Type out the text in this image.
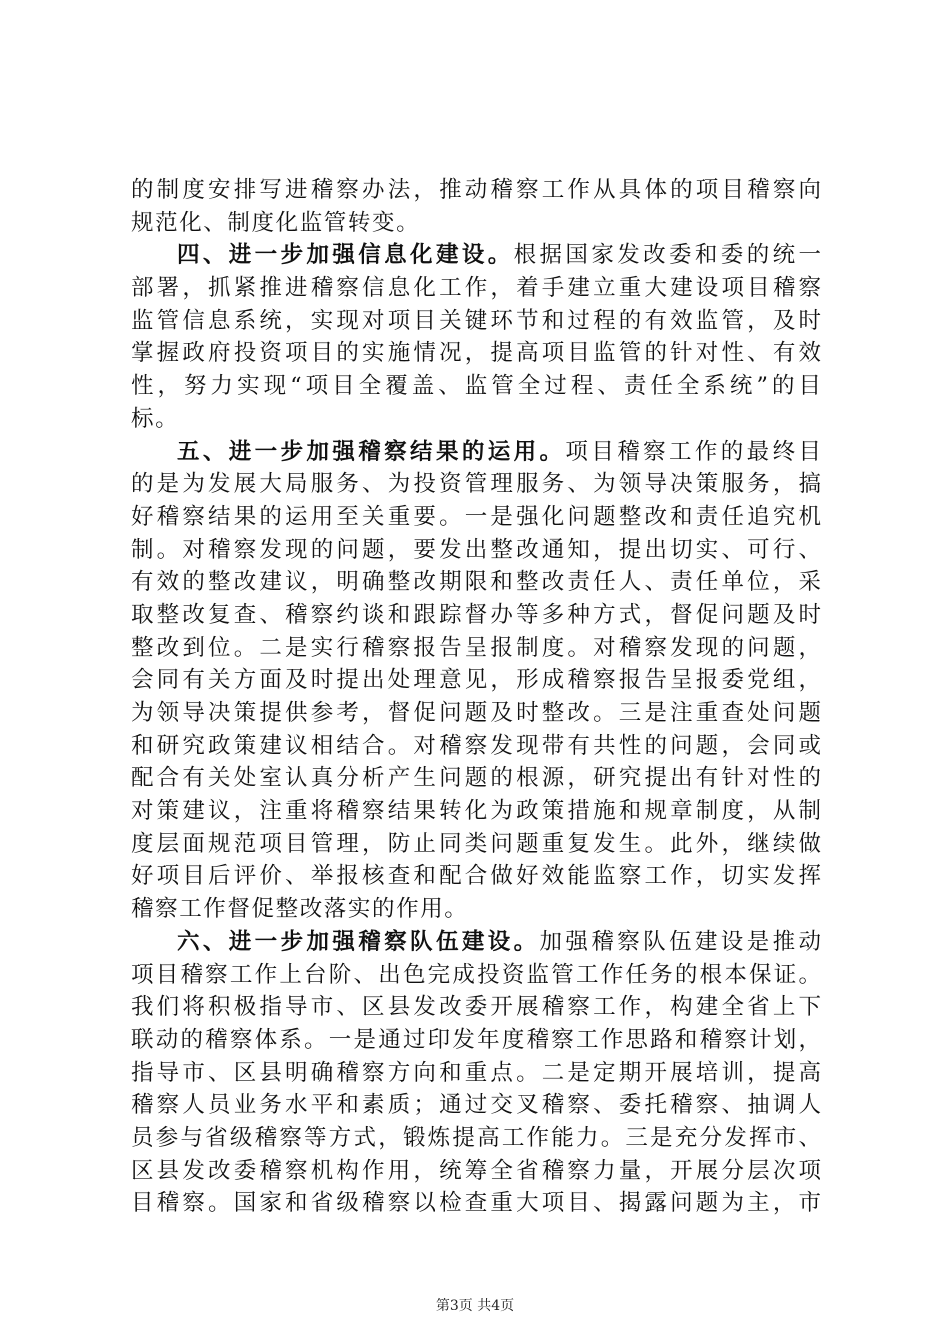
的制度安排写进稽察办法，推动稽察工作从具体的项目稽察向
规范化、制度化监管转变。
四、进一步加强信息化建设。根据国家发改委和委的统一
部署，抓紧推进稽察信息化工作，着手建立重大建设项目稽察
监管信息系统，实现对项目关键环节和过程的有效监管，及时
掌握政府投资项目的实施情况，提高项目监管的针对性、有效
性，努力实现“项目全覆盖、监管全过程、责任全系统”的目
标。
五、进一步加强稽察结果的运用。项目稽察工作的最终目
的是为发展大局服务、为投资管理服务、为领导决策服务，搞
好稽察结果的运用至关重要。一是强化问题整改和责任追究机
制。对稽察发现的问题，要发出整改通知，提出切实、可行、
有效的整改建议，明确整改期限和整改责任人、责任单位，采
取整改复查、稽察约谈和跟踪督办等多种方式，督促问题及时
整改到位。二是实行稽察报告呈报制度。对稽察发现的问题，
会同有关方面及时提出处理意见，形成稽察报告呈报委党组，
为领导决策提供参考，督促问题及时整改。三是注重查处问题
和研究政策建议相结合。对稽察发现带有共性的问题，会同或
配合有关处室认真分析产生问题的根源，研究提出有针对性的
对策建议，注重将稽察结果转化为政策措施和规章制度，从制
度层面规范项目管理，防止同类问题重复发生。此外，继续做
好项目后评价、举报核查和配合做好效能监察工作，切实发挥
稽察工作督促整改落实的作用。
六、进一步加强稽察队伍建设。加强稽察队伍建设是推动
项目稽察工作上台阶、出色完成投资监管工作任务的根本保证。
我们将积极指导市、区县发改委开展稽察工作，构建全省上下
联动的稽察体系。一是通过印发年度稽察工作思路和稽察计划，
指导市、区县明确稽察方向和重点。二是定期开展培训，提高
稽察人员业务水平和素质；通过交叉稽察、委托稽察、抽调人
员参与省级稽察等方式，锻炼提高工作能力。三是充分发挥市、
区县发改委稽察机构作用，统筹全省稽察力量，开展分层次项
目稽察。国家和省级稽察以检查重大项目、揭露问题为主，市
第3页 共4页
